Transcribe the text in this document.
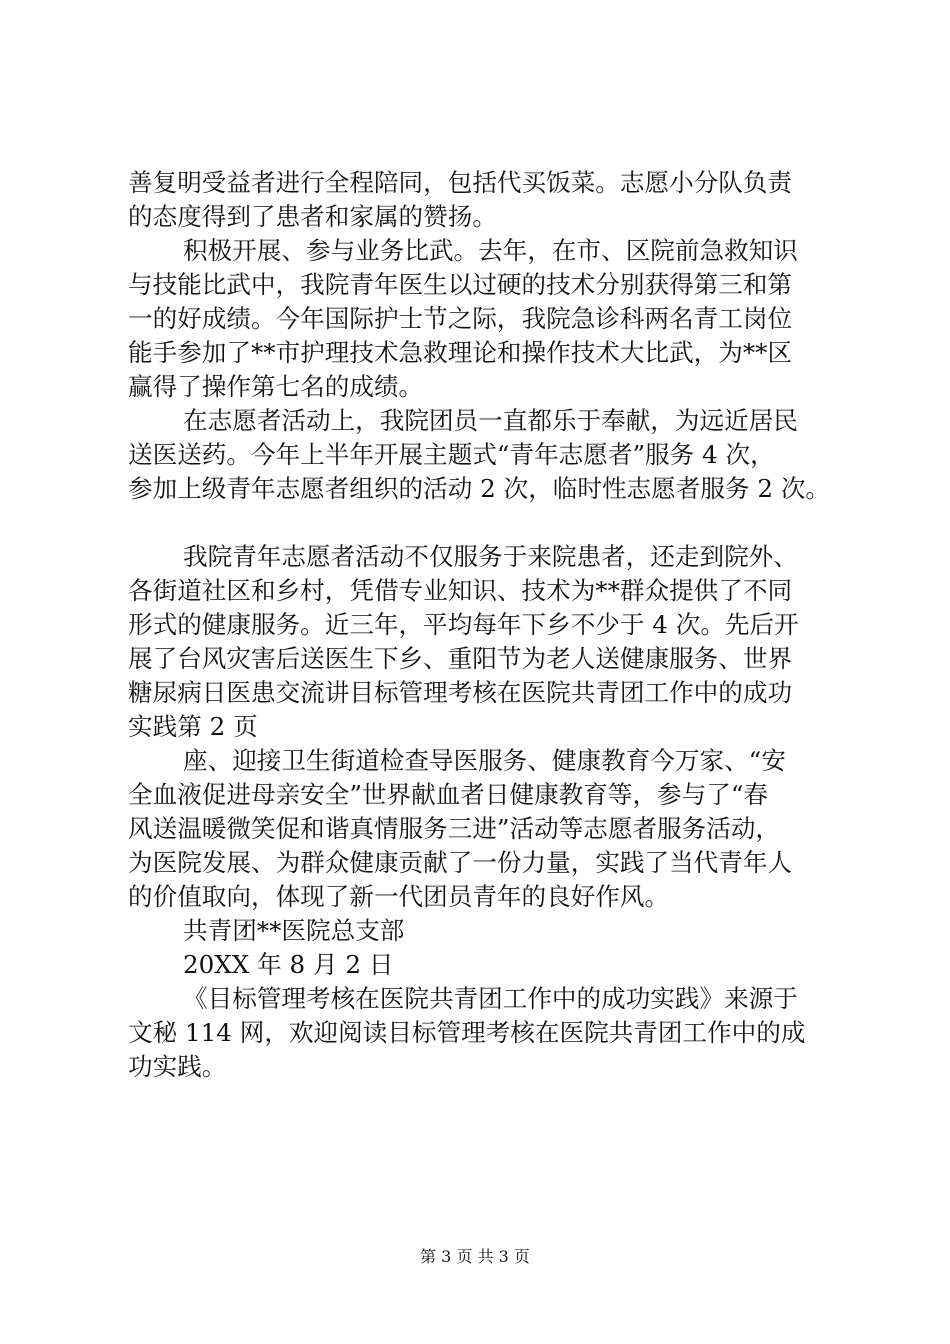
善复明受益者进行全程陪同，包括代买饭菜。志愿小分队负责
的态度得到了患者和家属的赞扬。
积极开展、参与业务比武。去年，在市、区院前急救知识
与技能比武中，我院青年医生以过硬的技术分别获得第三和第
一的好成绩。今年国际护士节之际，我院急诊科两名青工岗位
能手参加了**市护理技术急救理论和操作技术大比武，为**区
赢得了操作第七名的成绩。
在志愿者活动上，我院团员一直都乐于奉献，为远近居民
送医送药。今年上半年开展主题式“青年志愿者”服务 4 次，
参加上级青年志愿者组织的活动 2 次，临时性志愿者服务 2 次。
我院青年志愿者活动不仅服务于来院患者，还走到院外、
各街道社区和乡村，凭借专业知识、技术为**群众提供了不同
形式的健康服务。近三年，平均每年下乡不少于 4 次。先后开
展了台风灾害后送医生下乡、重阳节为老人送健康服务、世界
糖尿病日医患交流讲目标管理考核在医院共青团工作中的成功
实践第 2 页
座、迎接卫生街道检查导医服务、健康教育今万家、“安
全血液促进母亲安全”世界献血者日健康教育等，参与了“春
风送温暖微笑促和谐真情服务三进”活动等志愿者服务活动，
为医院发展、为群众健康贡献了一份力量，实践了当代青年人
的价值取向，体现了新一代团员青年的良好作风。
共青团**医院总支部
20XX 年 8 月 2 日
《目标管理考核在医院共青团工作中的成功实践》来源于
文秘 114 网，欢迎阅读目标管理考核在医院共青团工作中的成
功实践。
第 3 页 共 3 页
